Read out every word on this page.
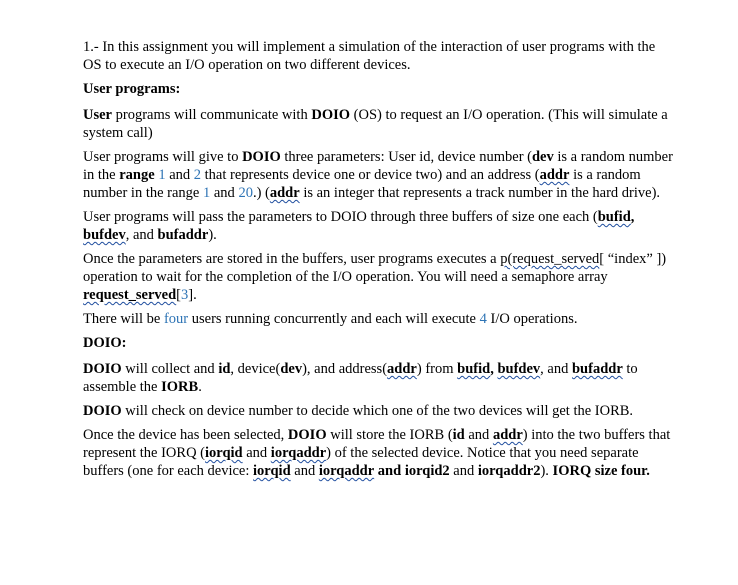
1.- In this assignment you will implement a simulation of the interaction of user programs with the OS to execute an I/O operation on two different devices.

User programs:

User programs will communicate with DOIO (OS) to request an I/O operation. (This will simulate a system call)

User programs will give to DOIO three parameters: User id, device number (dev is a random number in the range 1 and 2 that represents device one or device two) and an address (addr is a random number in the range 1 and 20.) (addr is an integer that represents a track number in the hard drive).

User programs will pass the parameters to DOIO through three buffers of size one each (bufid, bufdev, and bufaddr).

Once the parameters are stored in the buffers, user programs executes a p(request_served[ “index” ]) operation to wait for the completion of the I/O operation. You will need a semaphore array request_served[3].

There will be four users running concurrently and each will execute 4 I/O operations.

DOIO:

DOIO will collect and id, device(dev), and address(addr) from bufid, bufdev, and bufaddr to assemble the IORB.

DOIO will check on device number to decide which one of the two devices will get the IORB.

Once the device has been selected, DOIO will store the IORB (id and addr) into the two buffers that represent the IORQ (iorqid and iorqaddr) of the selected device. Notice that you need separate buffers (one for each device: iorqid and iorqaddr and iorqid2 and iorqaddr2). IORQ size four.
